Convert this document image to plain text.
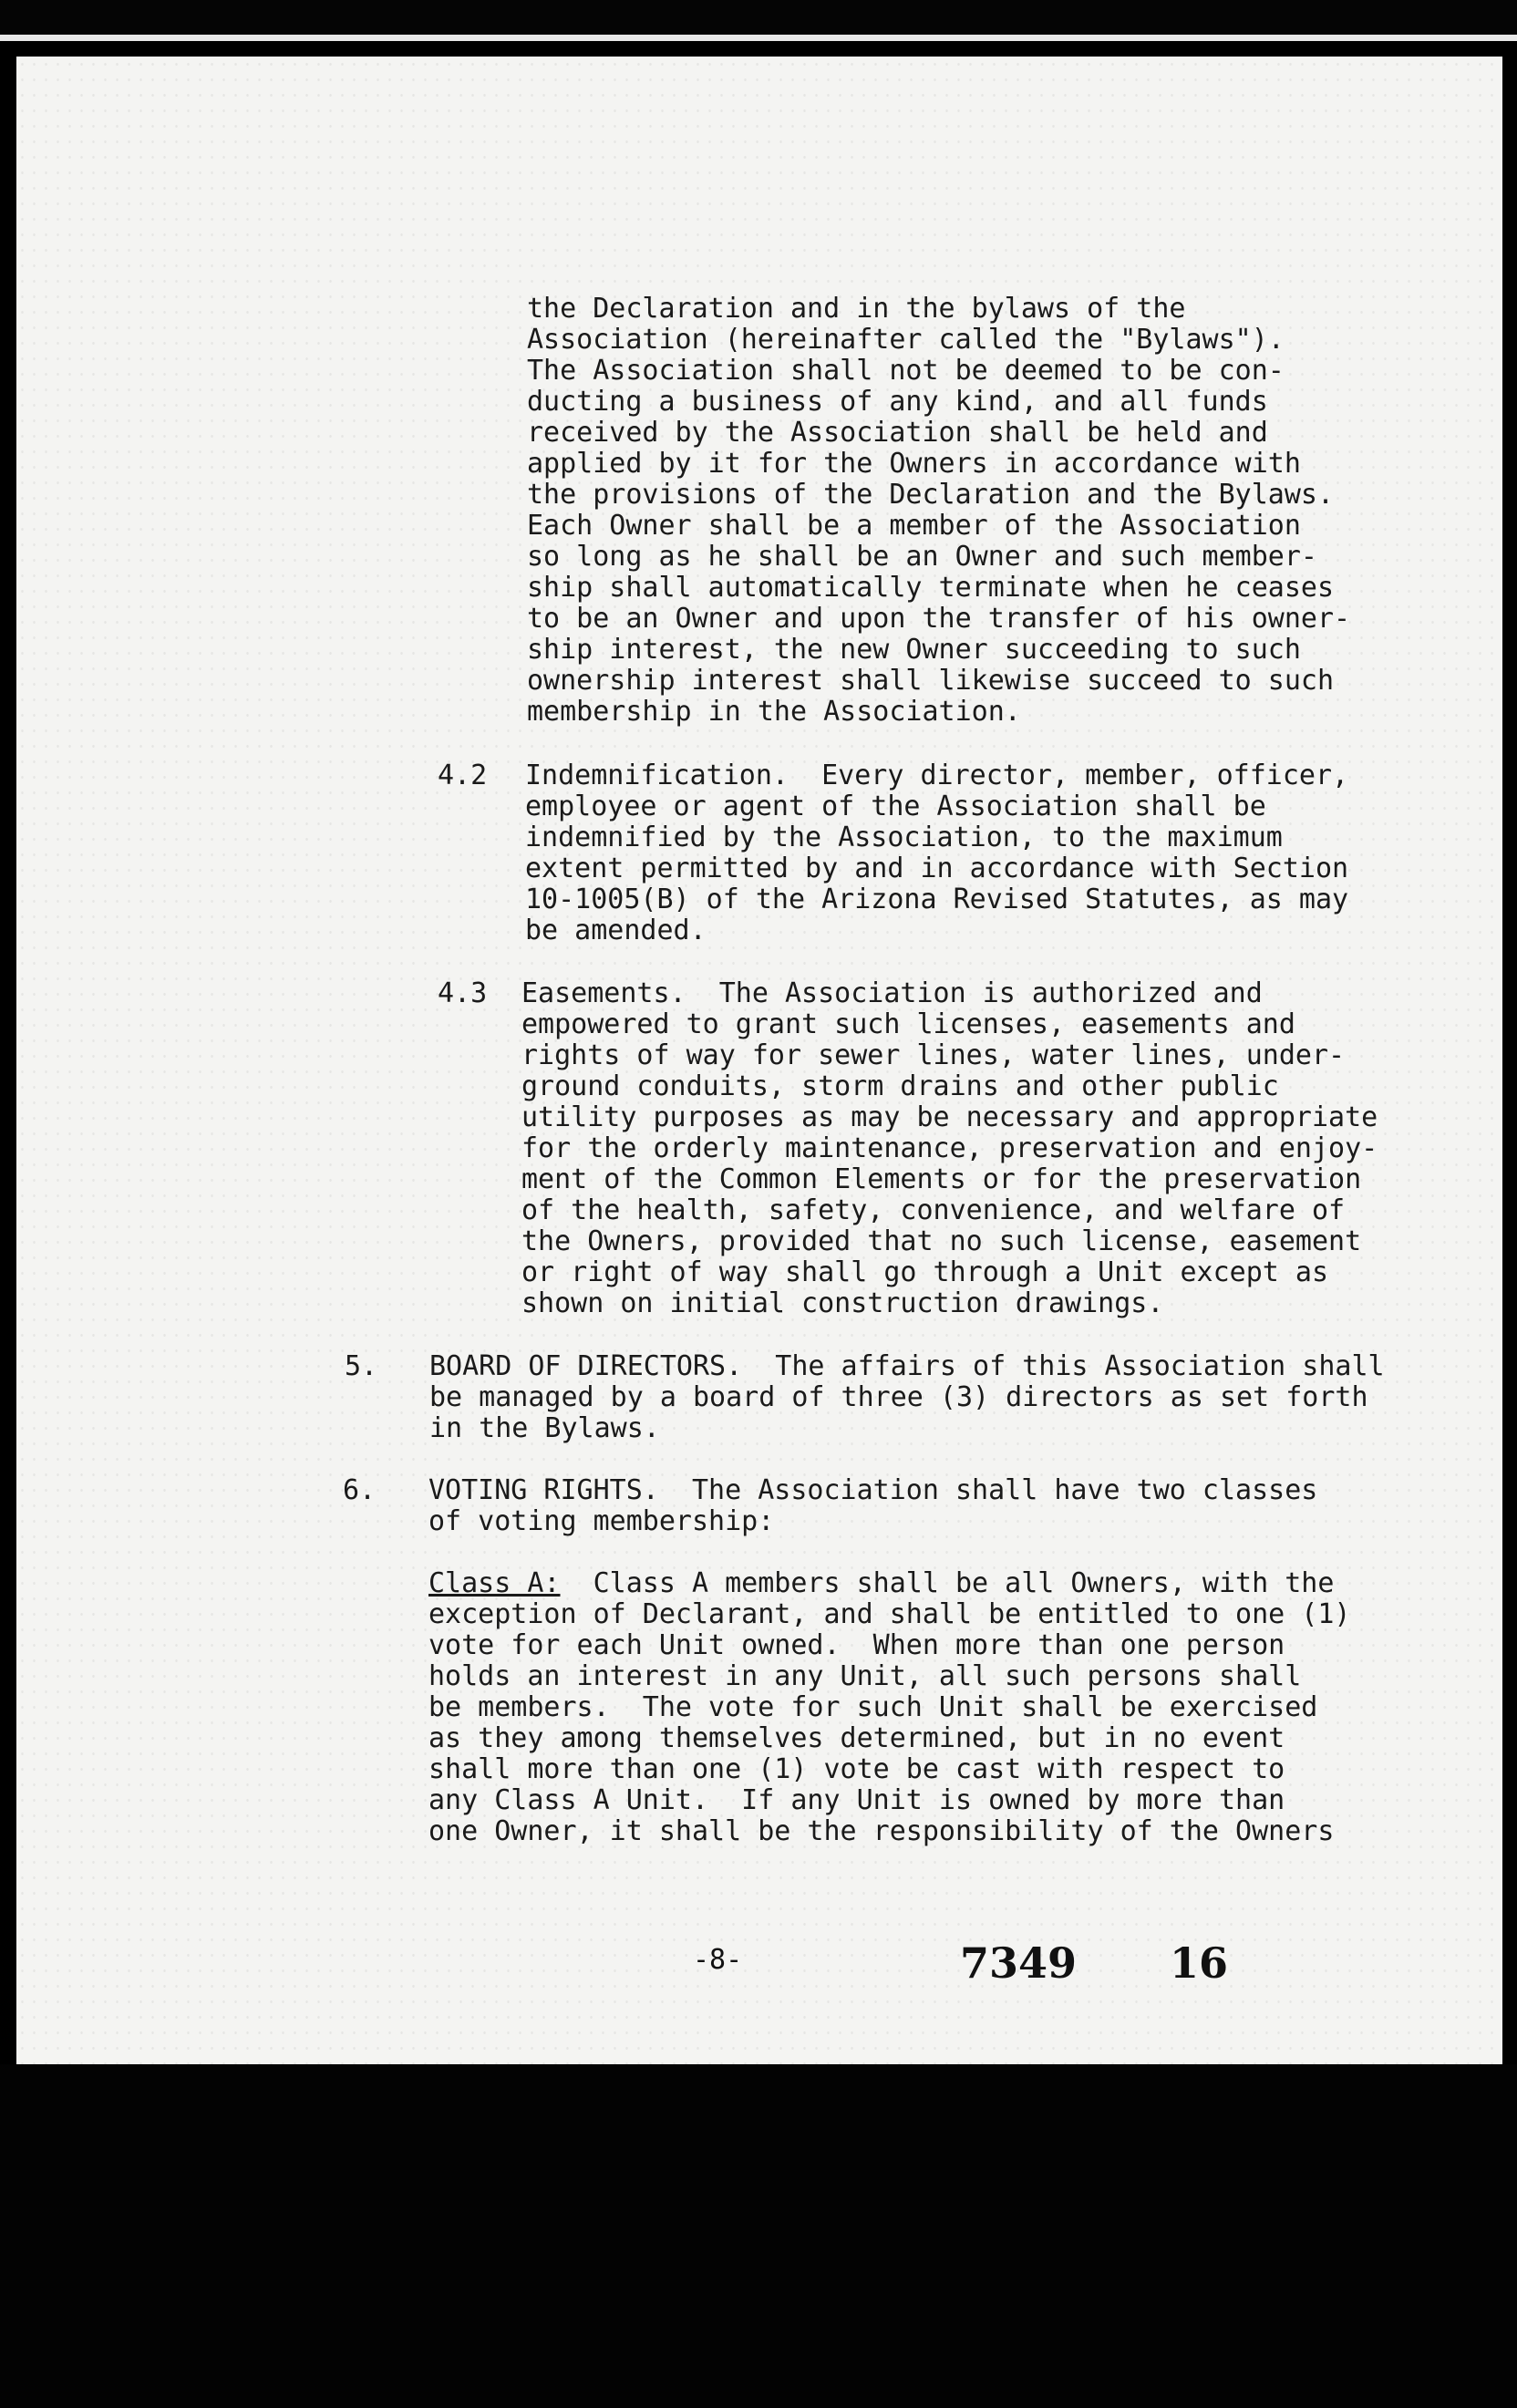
the Declaration and in the bylaws of the
Association (hereinafter called the "Bylaws").
The Association shall not be deemed to be con-
ducting a business of any kind, and all funds
received by the Association shall be held and
applied by it for the Owners in accordance with
the provisions of the Declaration and the Bylaws.
Each Owner shall be a member of the Association
so long as he shall be an Owner and such member-
ship shall automatically terminate when he ceases
to be an Owner and upon the transfer of his owner-
ship interest, the new Owner succeeding to such
ownership interest shall likewise succeed to such
membership in the Association.
4.2 Indemnification.  Every director, member, officer,
employee or agent of the Association shall be
indemnified by the Association, to the maximum
extent permitted by and in accordance with Section
10-1005(B) of the Arizona Revised Statutes, as may
be amended.
4.3 Easements.  The Association is authorized and
empowered to grant such licenses, easements and
rights of way for sewer lines, water lines, under-
ground conduits, storm drains and other public
utility purposes as may be necessary and appropriate
for the orderly maintenance, preservation and enjoy-
ment of the Common Elements or for the preservation
of the health, safety, convenience, and welfare of
the Owners, provided that no such license, easement
or right of way shall go through a Unit except as
shown on initial construction drawings.
5. BOARD OF DIRECTORS.  The affairs of this Association shall
be managed by a board of three (3) directors as set forth
in the Bylaws.
6. VOTING RIGHTS.  The Association shall have two classes
of voting membership:
Class A:  Class A members shall be all Owners, with the
exception of Declarant, and shall be entitled to one (1)
vote for each Unit owned.  When more than one person
holds an interest in any Unit, all such persons shall
be members.  The vote for such Unit shall be exercised
as they among themselves determined, but in no event
shall more than one (1) vote be cast with respect to
any Class A Unit.  If any Unit is owned by more than
one Owner, it shall be the responsibility of the Owners
-8-	7349 16
